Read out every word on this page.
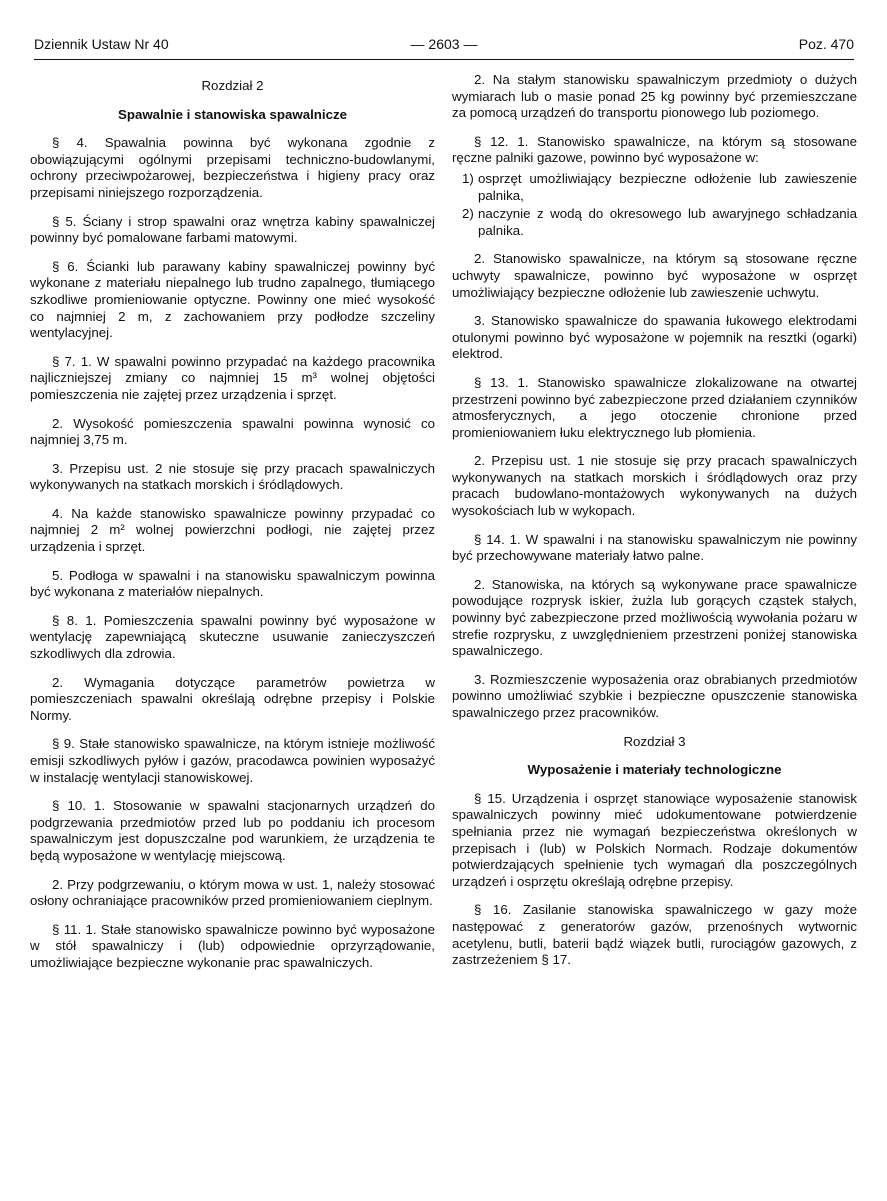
Dziennik Ustaw Nr 40	— 2603 —	Poz. 470
Rozdział 2
Spawalnie i stanowiska spawalnicze

§ 4. Spawalnia powinna być wykonana zgodnie z obowiązującymi ogólnymi przepisami techniczno-budowlanymi, ochrony przeciwpożarowej, bezpieczeństwa i higieny pracy oraz przepisami niniejszego rozporządzenia.

§ 5. Ściany i strop spawalni oraz wnętrza kabiny spawalniczej powinny być pomalowane farbami matowymi.

§ 6. Ścianki lub parawany kabiny spawalniczej powinny być wykonane z materiału niepalnego lub trudno zapalnego, tłumiącego szkodliwe promieniowanie optyczne. Powinny one mieć wysokość co najmniej 2 m, z zachowaniem przy podłodze szczeliny wentylacyjnej.

§ 7. 1. W spawalni powinno przypadać na każdego pracownika najliczniejszej zmiany co najmniej 15 m³ wolnej objętości pomieszczenia nie zajętej przez urządzenia i sprzęt.

2. Wysokość pomieszczenia spawalni powinna wynosić co najmniej 3,75 m.

3. Przepisu ust. 2 nie stosuje się przy pracach spawalniczych wykonywanych na statkach morskich i śródlądowych.

4. Na każde stanowisko spawalnicze powinny przypadać co najmniej 2 m² wolnej powierzchni podłogi, nie zajętej przez urządzenia i sprzęt.

5. Podłoga w spawalni i na stanowisku spawalniczym powinna być wykonana z materiałów niepalnych.

§ 8. 1. Pomieszczenia spawalni powinny być wyposażone w wentylację zapewniającą skuteczne usuwanie zanieczyszczeń szkodliwych dla zdrowia.

2. Wymagania dotyczące parametrów powietrza w pomieszczeniach spawalni określają odrębne przepisy i Polskie Normy.

§ 9. Stałe stanowisko spawalnicze, na którym istnieje możliwość emisji szkodliwych pyłów i gazów, pracodawca powinien wyposażyć w instalację wentylacji stanowiskowej.

§ 10. 1. Stosowanie w spawalni stacjonarnych urządzeń do podgrzewania przedmiotów przed lub po poddaniu ich procesom spawalniczym jest dopuszczalne pod warunkiem, że urządzenia te będą wyposażone w wentylację miejscową.

2. Przy podgrzewaniu, o którym mowa w ust. 1, należy stosować osłony ochraniające pracowników przed promieniowaniem cieplnym.

§ 11. 1. Stałe stanowisko spawalnicze powinno być wyposażone w stół spawalniczy i (lub) odpowiednie oprzyrządowanie, umożliwiające bezpieczne wykonanie prac spawalniczych.

2. Na stałym stanowisku spawalniczym przedmioty o dużych wymiarach lub o masie ponad 25 kg powinny być przemieszczane za pomocą urządzeń do transportu pionowego lub poziomego.

§ 12. 1. Stanowisko spawalnicze, na którym są stosowane ręczne palniki gazowe, powinno być wyposażone w:

1) osprzęt umożliwiający bezpieczne odłożenie lub zawieszenie palnika,
2) naczynie z wodą do okresowego lub awaryjnego schładzania palnika.

2. Stanowisko spawalnicze, na którym są stosowane ręczne uchwyty spawalnicze, powinno być wyposażone w osprzęt umożliwiający bezpieczne odłożenie lub zawieszenie uchwytu.

3. Stanowisko spawalnicze do spawania łukowego elektrodami otulonymi powinno być wyposażone w pojemnik na resztki (ogarki) elektrod.

§ 13. 1. Stanowisko spawalnicze zlokalizowane na otwartej przestrzeni powinno być zabezpieczone przed działaniem czynników atmosferycznych, a jego otoczenie chronione przed promieniowaniem łuku elektrycznego lub płomienia.

2. Przepisu ust. 1 nie stosuje się przy pracach spawalniczych wykonywanych na statkach morskich i śródlądowych oraz przy pracach budowlano-montażowych wykonywanych na dużych wysokościach lub w wykopach.

§ 14. 1. W spawalni i na stanowisku spawalniczym nie powinny być przechowywane materiały łatwo palne.

2. Stanowiska, na których są wykonywane prace spawalnicze powodujące rozprysk iskier, żużla lub gorących cząstek stałych, powinny być zabezpieczone przed możliwością wywołania pożaru w strefie rozprysku, z uwzględnieniem przestrzeni poniżej stanowiska spawalniczego.

3. Rozmieszczenie wyposażenia oraz obrabianych przedmiotów powinno umożliwiać szybkie i bezpieczne opuszczenie stanowiska spawalniczego przez pracowników.

Rozdział 3
Wyposażenie i materiały technologiczne

§ 15. Urządzenia i osprzęt stanowiące wyposażenie stanowisk spawalniczych powinny mieć udokumentowane potwierdzenie spełniania przez nie wymagań bezpieczeństwa określonych w przepisach i (lub) w Polskich Normach. Rodzaje dokumentów potwierdzających spełnienie tych wymagań dla poszczególnych urządzeń i osprzętu określają odrębne przepisy.

§ 16. Zasilanie stanowiska spawalniczego w gazy może następować z generatorów gazów, przenośnych wytwornic acetylenu, butli, baterii bądź wiązek butli, rurociągów gazowych, z zastrzeżeniem § 17.
